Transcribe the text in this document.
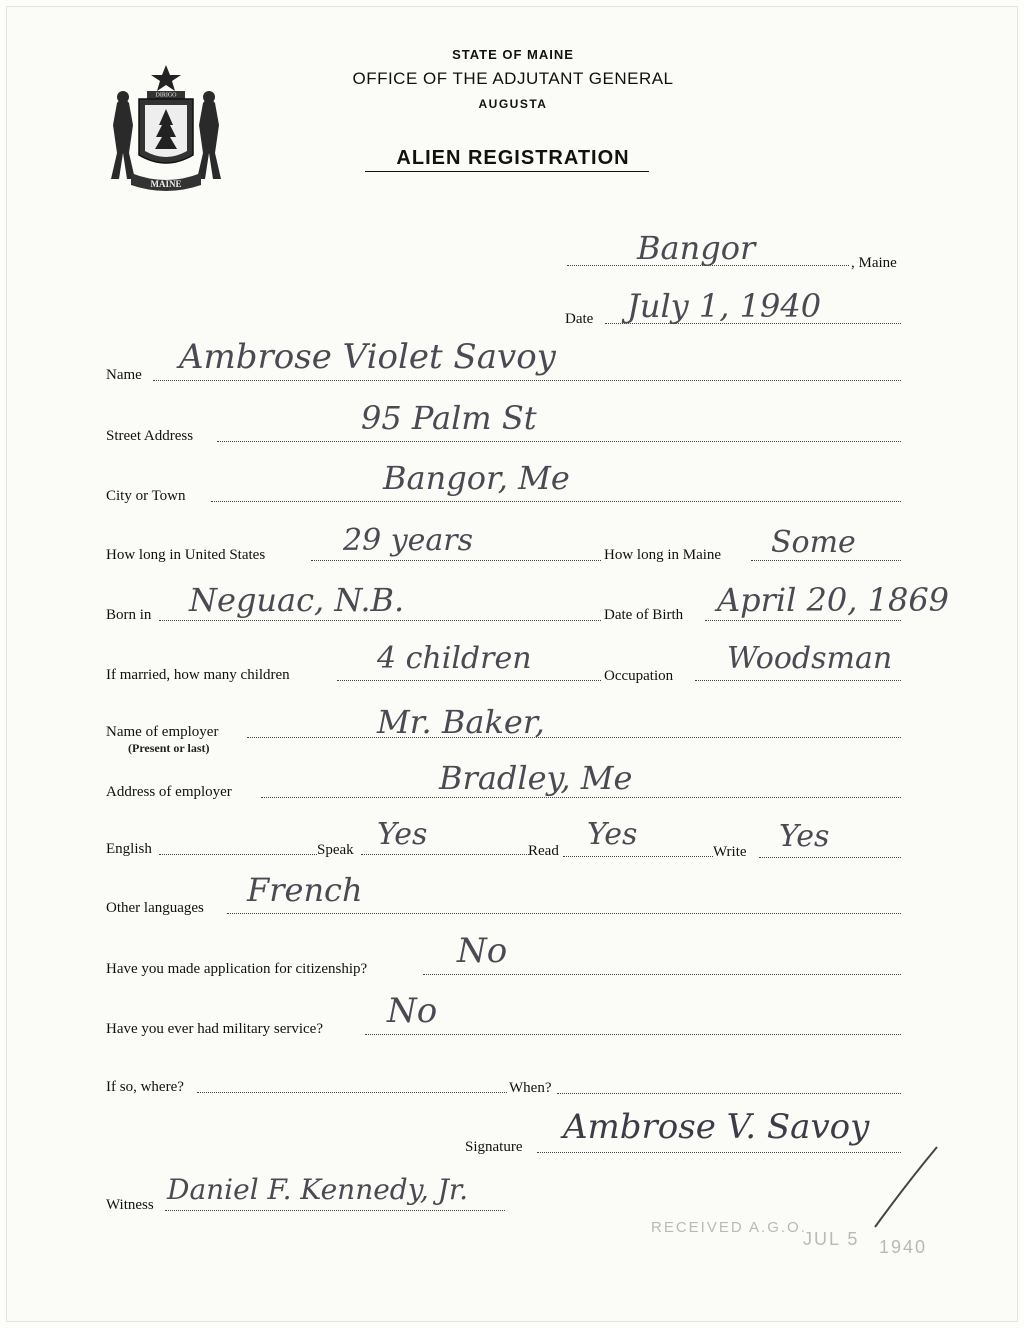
MAINE
DIRIGO
STATE OF MAINE
OFFICE OF THE ADJUTANT GENERAL
AUGUSTA
ALIEN REGISTRATION
Bangor	, Maine
Date July 1, 1940
Name Ambrose Violet Savoy
Street Address	95 Palm St
City or Town	Bangor, Me
How long in United States	29 years	How long in Maine Some
Born in Neguac, N.B.	Date of Birth April 20, 1869
If married, how many children	4 children	Occupation Woodsman
Name of employer
(Present or last)
Mr. Baker,
Address of employer	Bradley, Me
English	Speak Yes	Read Yes	Write Yes
Other languages French
Have you made application for citizenship?	No
Have you ever had military service? No
If so, where?	When?
Signature Ambrose V. Savoy
Witness Daniel F. Kennedy, Jr.
RECEIVED A.G.O.
JUL 5 1940
